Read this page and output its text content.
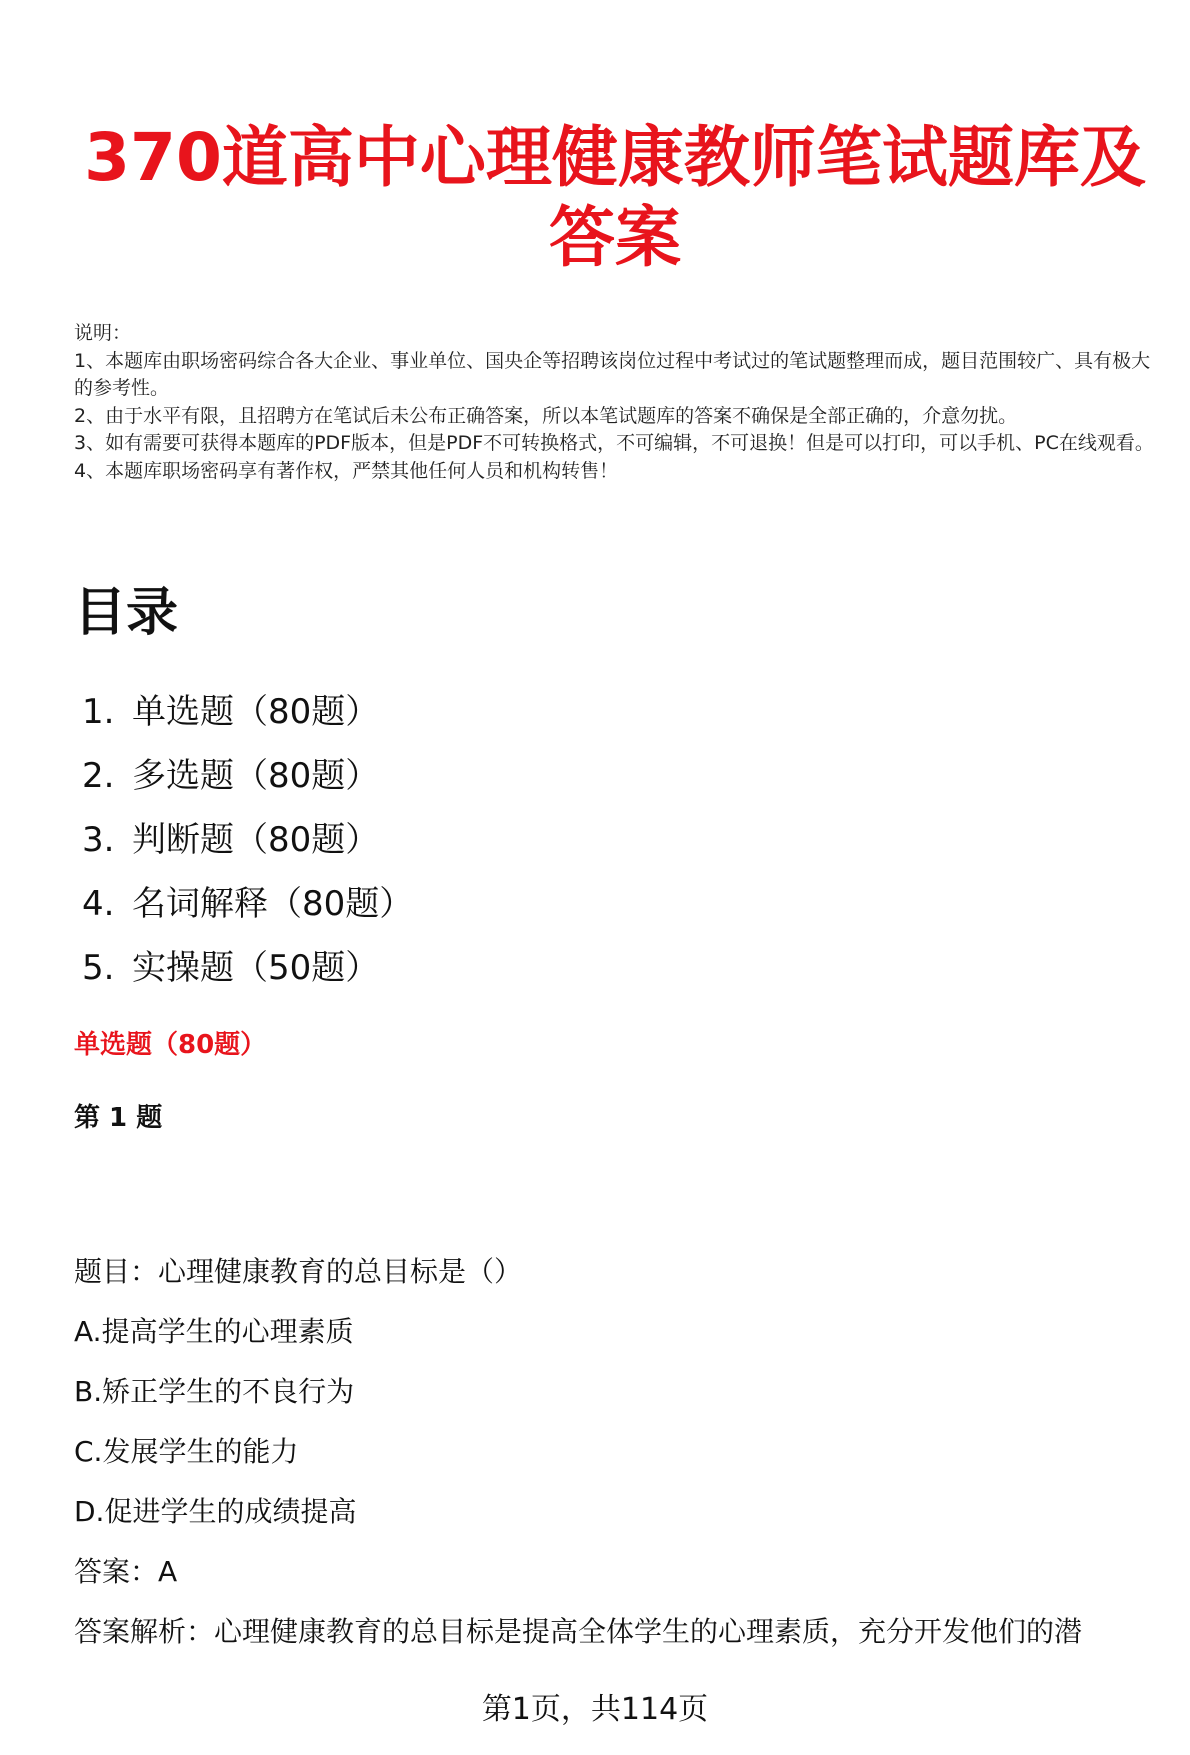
370道高中心理健康教师笔试题库及答案
说明：
1、本题库由职场密码综合各大企业、事业单位、国央企等招聘该岗位过程中考试过的笔试题整理而成，题目范围较广、具有极大的参考性。
2、由于水平有限，且招聘方在笔试后未公布正确答案，所以本笔试题库的答案不确保是全部正确的，介意勿扰。
3、如有需要可获得本题库的PDF版本，但是PDF不可转换格式，不可编辑，不可退换！但是可以打印，可以手机、PC在线观看。
4、本题库职场密码享有著作权，严禁其他任何人员和机构转售！
目录
1. 单选题（80题）
2. 多选题（80题）
3. 判断题（80题）
4. 名词解释（80题）
5. 实操题（50题）
单选题（80题）
第 1 题
题目：心理健康教育的总目标是（）
A.提高学生的心理素质
B.矫正学生的不良行为
C.发展学生的能力
D.促进学生的成绩提高
答案：A
答案解析：心理健康教育的总目标是提高全体学生的心理素质，充分开发他们的潜
第1页，共114页
